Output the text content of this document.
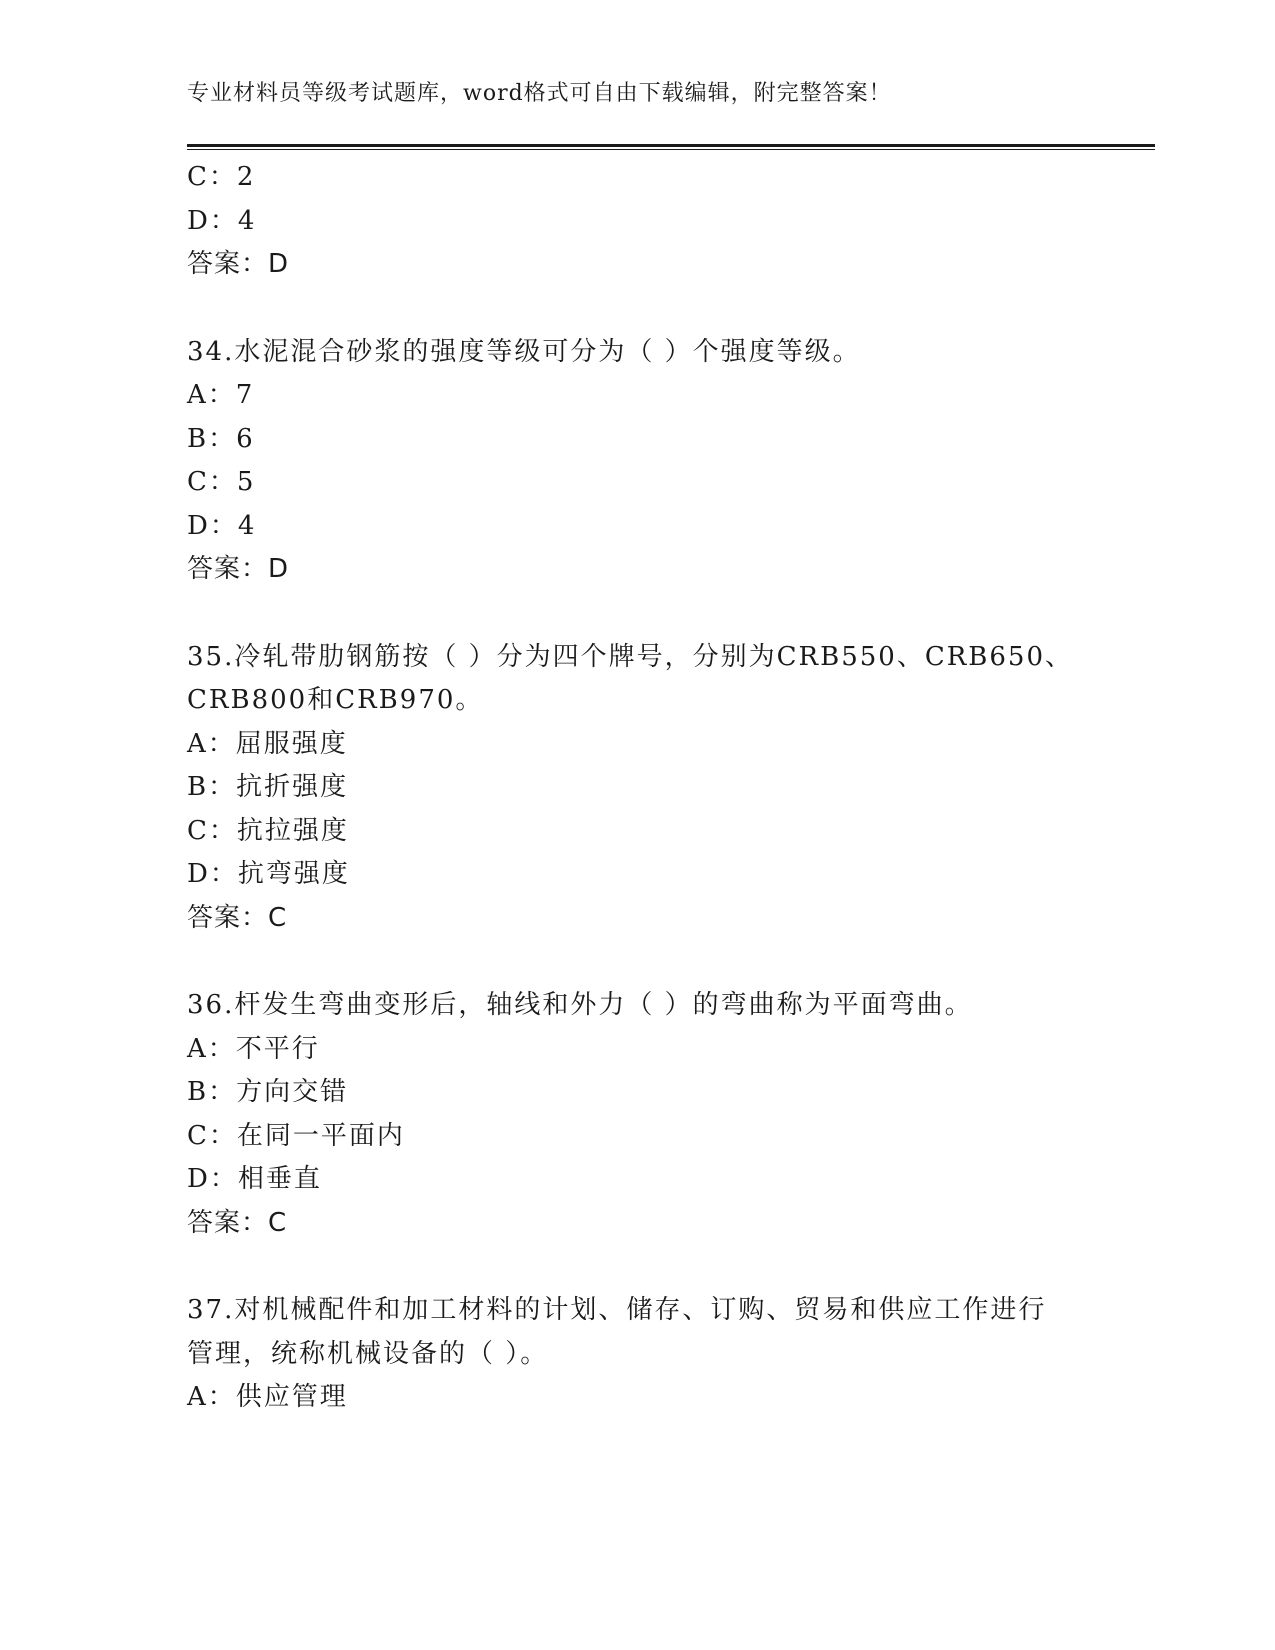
专业材料员等级考试题库，word格式可自由下载编辑，附完整答案！
C：2
D：4
答案：D
34.水泥混合砂浆的强度等级可分为（ ）个强度等级。
A：7
B：6
C：5
D：4
答案：D
35.冷轧带肋钢筋按（ ）分为四个牌号，分别为CRB550、CRB650、
CRB800和CRB970。
A：屈服强度
B：抗折强度
C：抗拉强度
D：抗弯强度
答案：C
36.杆发生弯曲变形后，轴线和外力（ ）的弯曲称为平面弯曲。
A：不平行
B：方向交错
C：在同一平面内
D：相垂直
答案：C
37.对机械配件和加工材料的计划、储存、订购、贸易和供应工作进行
管理，统称机械设备的（ ）。
A：供应管理
